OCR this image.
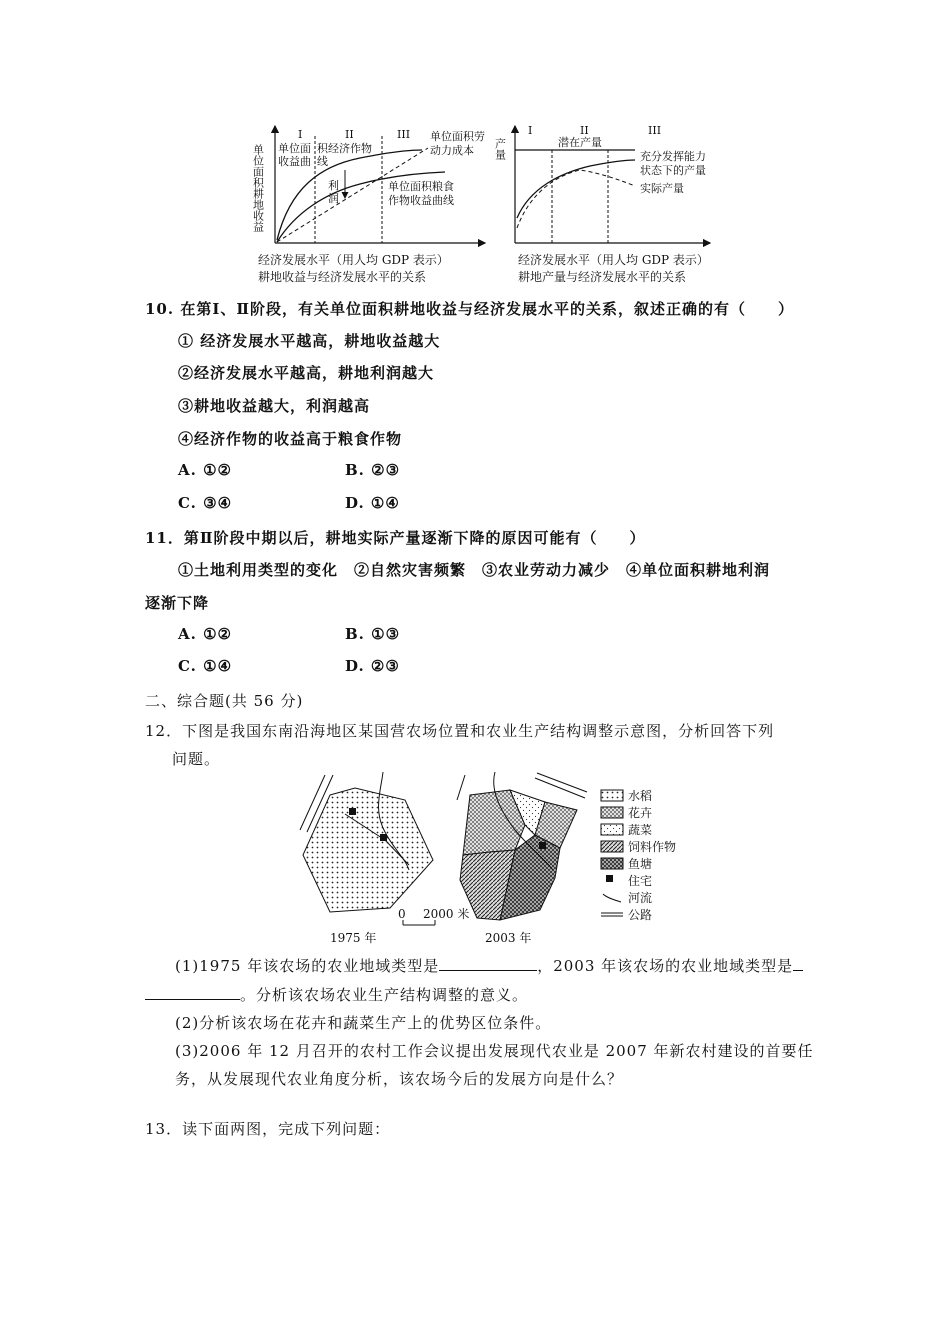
单位面积耕地收益
I	II	III
单位面
收益曲
积经济作物
线
单位面积劳
动力成本
利
润
单位面积粮食
作物收益曲线
经济发展水平（用人均 GDP 表示）
耕地收益与经济发展水平的关系
产量
I	II	III
潜在产量
充分发挥能力
状态下的产量
实际产量
经济发展水平（用人均 GDP 表示）
耕地产量与经济发展水平的关系
10. 在第Ⅰ、Ⅱ阶段，有关单位面积耕地收益与经济发展水平的关系，叙述正确的有（　　）
① 经济发展水平越高，耕地收益越大
②经济发展水平越高，耕地利润越大
③耕地收益越大，利润越高
④经济作物的收益高于粮食作物
A. ①②	B. ②③
C. ③④	D. ①④
11．第Ⅱ阶段中期以后，耕地实际产量逐渐下降的原因可能有（　　）
①土地利用类型的变化　②自然灾害频繁　③农业劳动力减少　④单位面积耕地利润
逐渐下降
A. ①②	B. ①③
C. ①④	D. ②③
二、综合题(共 56 分)
12．下图是我国东南沿海地区某国营农场位置和农业生产结构调整示意图，分析回答下列
问题。
1975 年	2003 年
0 2000 米
水稻
花卉
蔬菜
饲料作物
鱼塘
住宅
河流
公路
(1)1975 年该农场的农业地域类型是	，2003 年该农场的农业地域类型是
。分析该农场农业生产结构调整的意义。
(2)分析该农场在花卉和蔬菜生产上的优势区位条件。
(3)2006 年 12 月召开的农村工作会议提出发展现代农业是 2007 年新农村建设的首要任
务，从发展现代农业角度分析，该农场今后的发展方向是什么？
13．读下面两图，完成下列问题：
